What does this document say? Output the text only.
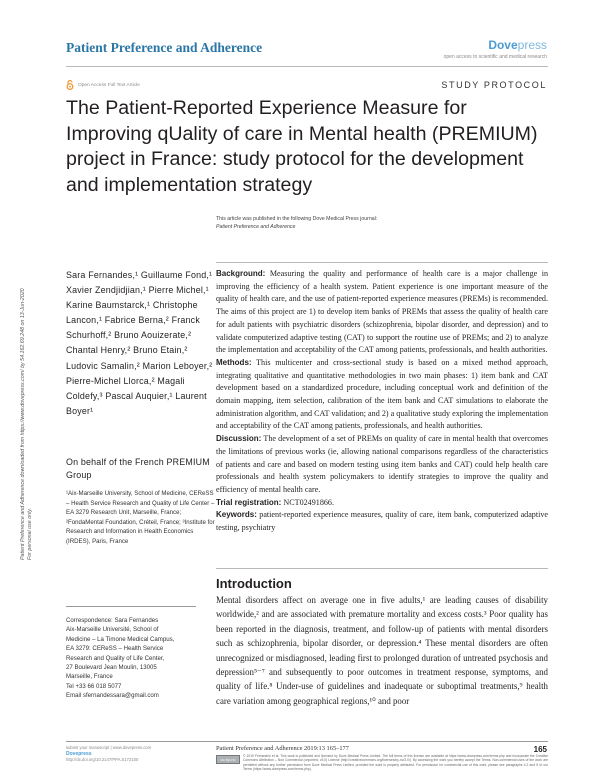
Patient Preference and Adherence	Dovepress
open access to scientific and medical research
STUDY PROTOCOL
Open Access Full Text Article
The Patient-Reported Experience Measure for Improving qUality of care in Mental health (PREMIUM) project in France: study protocol for the development and implementation strategy
This article was published in the following Dove Medical Press journal:
Patient Preference and Adherence
Patient Preference and Adherence downloaded from https://www.dovepress.com/ by 54.162.69.248 on 13-Jun-2020 For personal use only.
Sara Fernandes,¹ Guillaume Fond,¹ Xavier Zendjidjian,¹ Pierre Michel,¹ Karine Baumstarck,¹ Christophe Lancon,¹ Fabrice Berna,² Franck Schurhoff,² Bruno Aouizerate,² Chantal Henry,² Bruno Etain,² Ludovic Samalin,² Marion Leboyer,² Pierre-Michel Llorca,² Magali Coldefy,³ Pascal Auquier,¹ Laurent Boyer¹
On behalf of the French PREMIUM Group
¹Aix-Marseille University, School of Medicine, CEReSS – Health Service Research and Quality of Life Center – EA 3279 Research Unit, Marseille, France; ²FondaMental Foundation, Créteil, France; ³Institute for Research and Information in Health Economics (IRDES), Paris, France
Correspondence: Sara Fernandes
Aix-Marseille Université, School of
Medicine – La Timone Medical Campus,
EA 3279: CEReSS – Health Service
Research and Quality of Life Center,
27 Boulevard Jean Moulin, 13005
Marseille, France
Tel +33 66 018 5077
Email sfernandessara@gmail.com

Background: Measuring the quality and performance of health care is a major challenge in improving the efficiency of a health system. Patient experience is one important measure of the quality of health care, and the use of patient-reported experience measures (PREMs) is recommended. The aims of this project are 1) to develop item banks of PREMs that assess the quality of health care for adult patients with psychiatric disorders (schizophrenia, bipolar disorder, and depression) and to validate computerized adaptive testing (CAT) to support the routine use of PREMs; and 2) to analyze the implementation and acceptability of the CAT among patients, professionals, and health authorities.

Methods: This multicenter and cross-sectional study is based on a mixed method approach, integrating qualitative and quantitative methodologies in two main phases: 1) item bank and CAT development based on a standardized procedure, including conceptual work and definition of the domain mapping, item selection, calibration of the item bank and CAT simulations to elaborate the administration algorithm, and CAT validation; and 2) a qualitative study exploring the implementation and acceptability of the CAT among patients, professionals, and health authorities.

Discussion: The development of a set of PREMs on quality of care in mental health that overcomes the limitations of previous works (ie, allowing national comparisons regardless of the characteristics of patients and care and based on modern testing using item banks and CAT) could help health care professionals and health system policymakers to identify strategies to improve the quality and efficiency of mental health care.

Trial registration: NCT02491866.

Keywords: patient-reported experience measures, quality of care, item bank, computerized adaptive testing, psychiatry

Introduction
Mental disorders affect on average one in five adults,¹ are leading causes of disability worldwide,² and are associated with premature mortality and excess costs.³ Poor quality has been reported in the diagnosis, treatment, and follow-up of patients with mental disorders such as schizophrenia, bipolar disorder, or depression.⁴ These mental disorders are often unrecognized or misdiagnosed, leading first to prolonged duration of untreated psychosis and depression⁵⁻⁷ and subsequently to poor outcomes in treatment response, symptoms, and quality of life.⁸ Under-use of guidelines and inadequate or suboptimal treatments,⁹ health care variation among geographical regions,¹⁰ and poor
submit your manuscript | www.dovepress.com
Dovepress
http://dx.doi.org/10.2147/PPA.S172100
Patient Preference and Adherence 2019:13 165–177	165
cc by-nc
© 2019 Fernandes et al. This work is published and licensed by Dove Medical Press Limited. The full terms of this license are available at https://www.dovepress.com/terms.php and incorporate the Creative Commons Attribution – Non Commercial (unported, v3.0) License (http://creativecommons.org/licenses/by-nc/3.0/). By accessing the work you hereby accept the Terms. Non-commercial uses of the work are permitted without any further permission from Dove Medical Press Limited, provided the work is properly attributed. For permission for commercial use of this work, please see paragraphs 4.2 and 5 of our Terms (https://www.dovepress.com/terms.php).
